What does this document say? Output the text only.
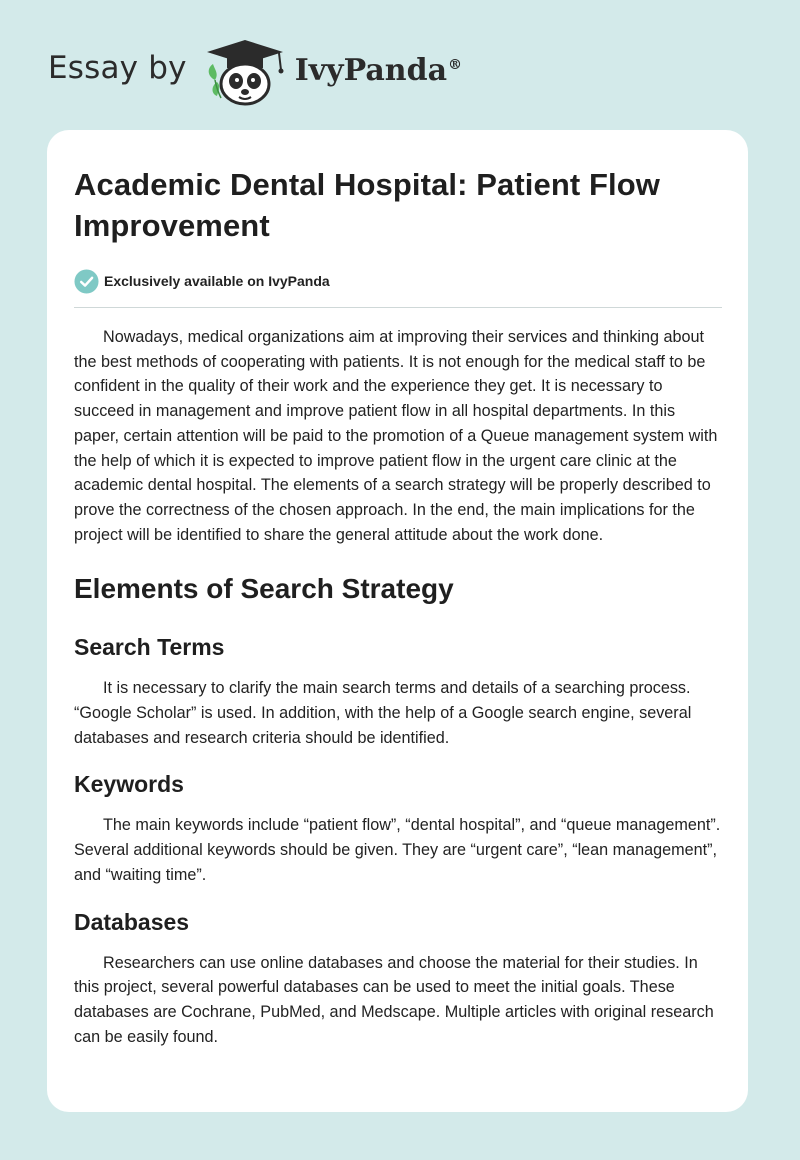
Essay by	IvyPanda®
Academic Dental Hospital: Patient Flow Improvement
Exclusively available on IvyPanda

Nowadays, medical organizations aim at improving their services and thinking about the best methods of cooperating with patients. It is not enough for the medical staff to be confident in the quality of their work and the experience they get. It is necessary to succeed in management and improve patient flow in all hospital departments. In this paper, certain attention will be paid to the promotion of a Queue management system with the help of which it is expected to improve patient flow in the urgent care clinic at the academic dental hospital. The elements of a search strategy will be properly described to prove the correctness of the chosen approach. In the end, the main implications for the project will be identified to share the general attitude about the work done.

Elements of Search Strategy
Search Terms

It is necessary to clarify the main search terms and details of a searching process. “Google Scholar” is used. In addition, with the help of a Google search engine, several databases and research criteria should be identified.

Keywords

The main keywords include “patient flow”, “dental hospital”, and “queue management”. Several additional keywords should be given. They are “urgent care”, “lean management”, and “waiting time”.

Databases

Researchers can use online databases and choose the material for their studies. In this project, several powerful databases can be used to meet the initial goals. These databases are Cochrane, PubMed, and Medscape. Multiple articles with original research can be easily found.
